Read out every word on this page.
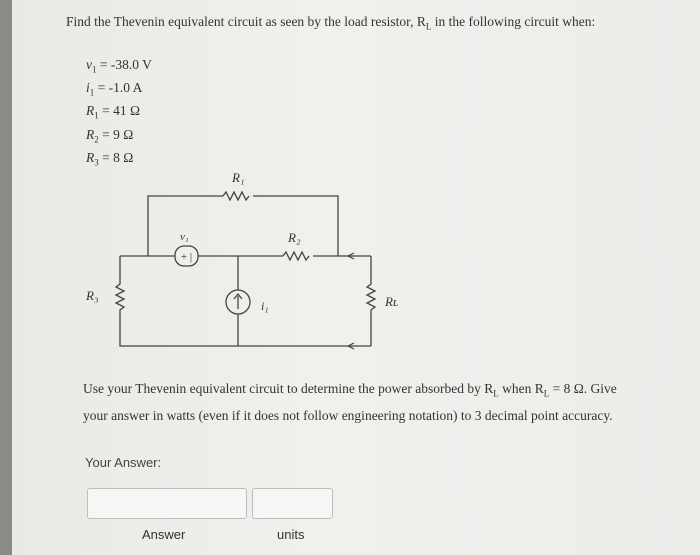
Find the Thevenin equivalent circuit as seen by the load resistor, $R_L$ in the following circuit when:
$v_1 = -38.0$ V
$i_1 = -1.0$ A
$R_1 = 41$ Ω
$R_2 = 9$ Ω
$R_3 = 8$ Ω
+ |
R₁
v₁	R₂
R₃
i₁	Rʟ
Use your Thevenin equivalent circuit to determine the power absorbed by $R_L$ when $R_L = 8$ Ω. Give your answer in watts (even if it does not follow engineering notation) to 3 decimal point accuracy.
Your Answer:
Answer	units
